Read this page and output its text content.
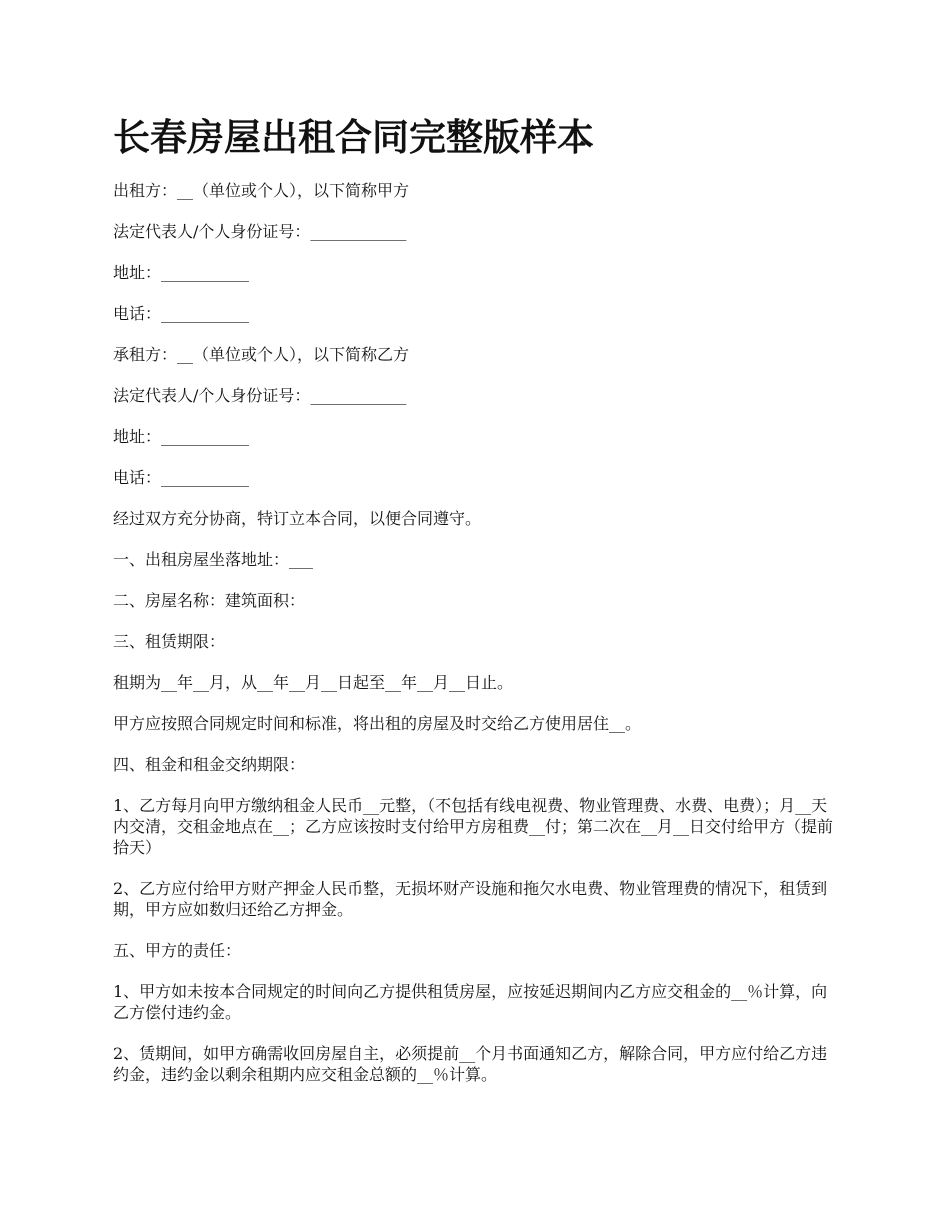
长春房屋出租合同完整版样本

出租方：__（单位或个人），以下简称甲方

法定代表人/个人身份证号：____________

地址：___________

电话：___________

承租方：__（单位或个人），以下简称乙方

法定代表人/个人身份证号：____________

地址：___________

电话：___________

经过双方充分协商，特订立本合同，以便合同遵守。

一、出租房屋坐落地址：___

二、房屋名称：建筑面积：

三、租赁期限：

租期为__年__月，从__年__月__日起至__年__月__日止。

甲方应按照合同规定时间和标准，将出租的房屋及时交给乙方使用居住__。

四、租金和租金交纳期限：

1、乙方每月向甲方缴纳租金人民币__元整，（不包括有线电视费、物业管理费、水费、电费）；月__天内交清，交租金地点在__；乙方应该按时支付给甲方房租费__付；第二次在__月__日交付给甲方（提前拾天）

2、乙方应付给甲方财产押金人民币整，无损坏财产设施和拖欠水电费、物业管理费的情况下，租赁到期，甲方应如数归还给乙方押金。

五、甲方的责任：

1、甲方如未按本合同规定的时间向乙方提供租赁房屋，应按延迟期间内乙方应交租金的__％计算，向乙方偿付违约金。

2、赁期间，如甲方确需收回房屋自主，必须提前__个月书面通知乙方，解除合同，甲方应付给乙方违约金，违约金以剩余租期内应交租金总额的__％计算。
